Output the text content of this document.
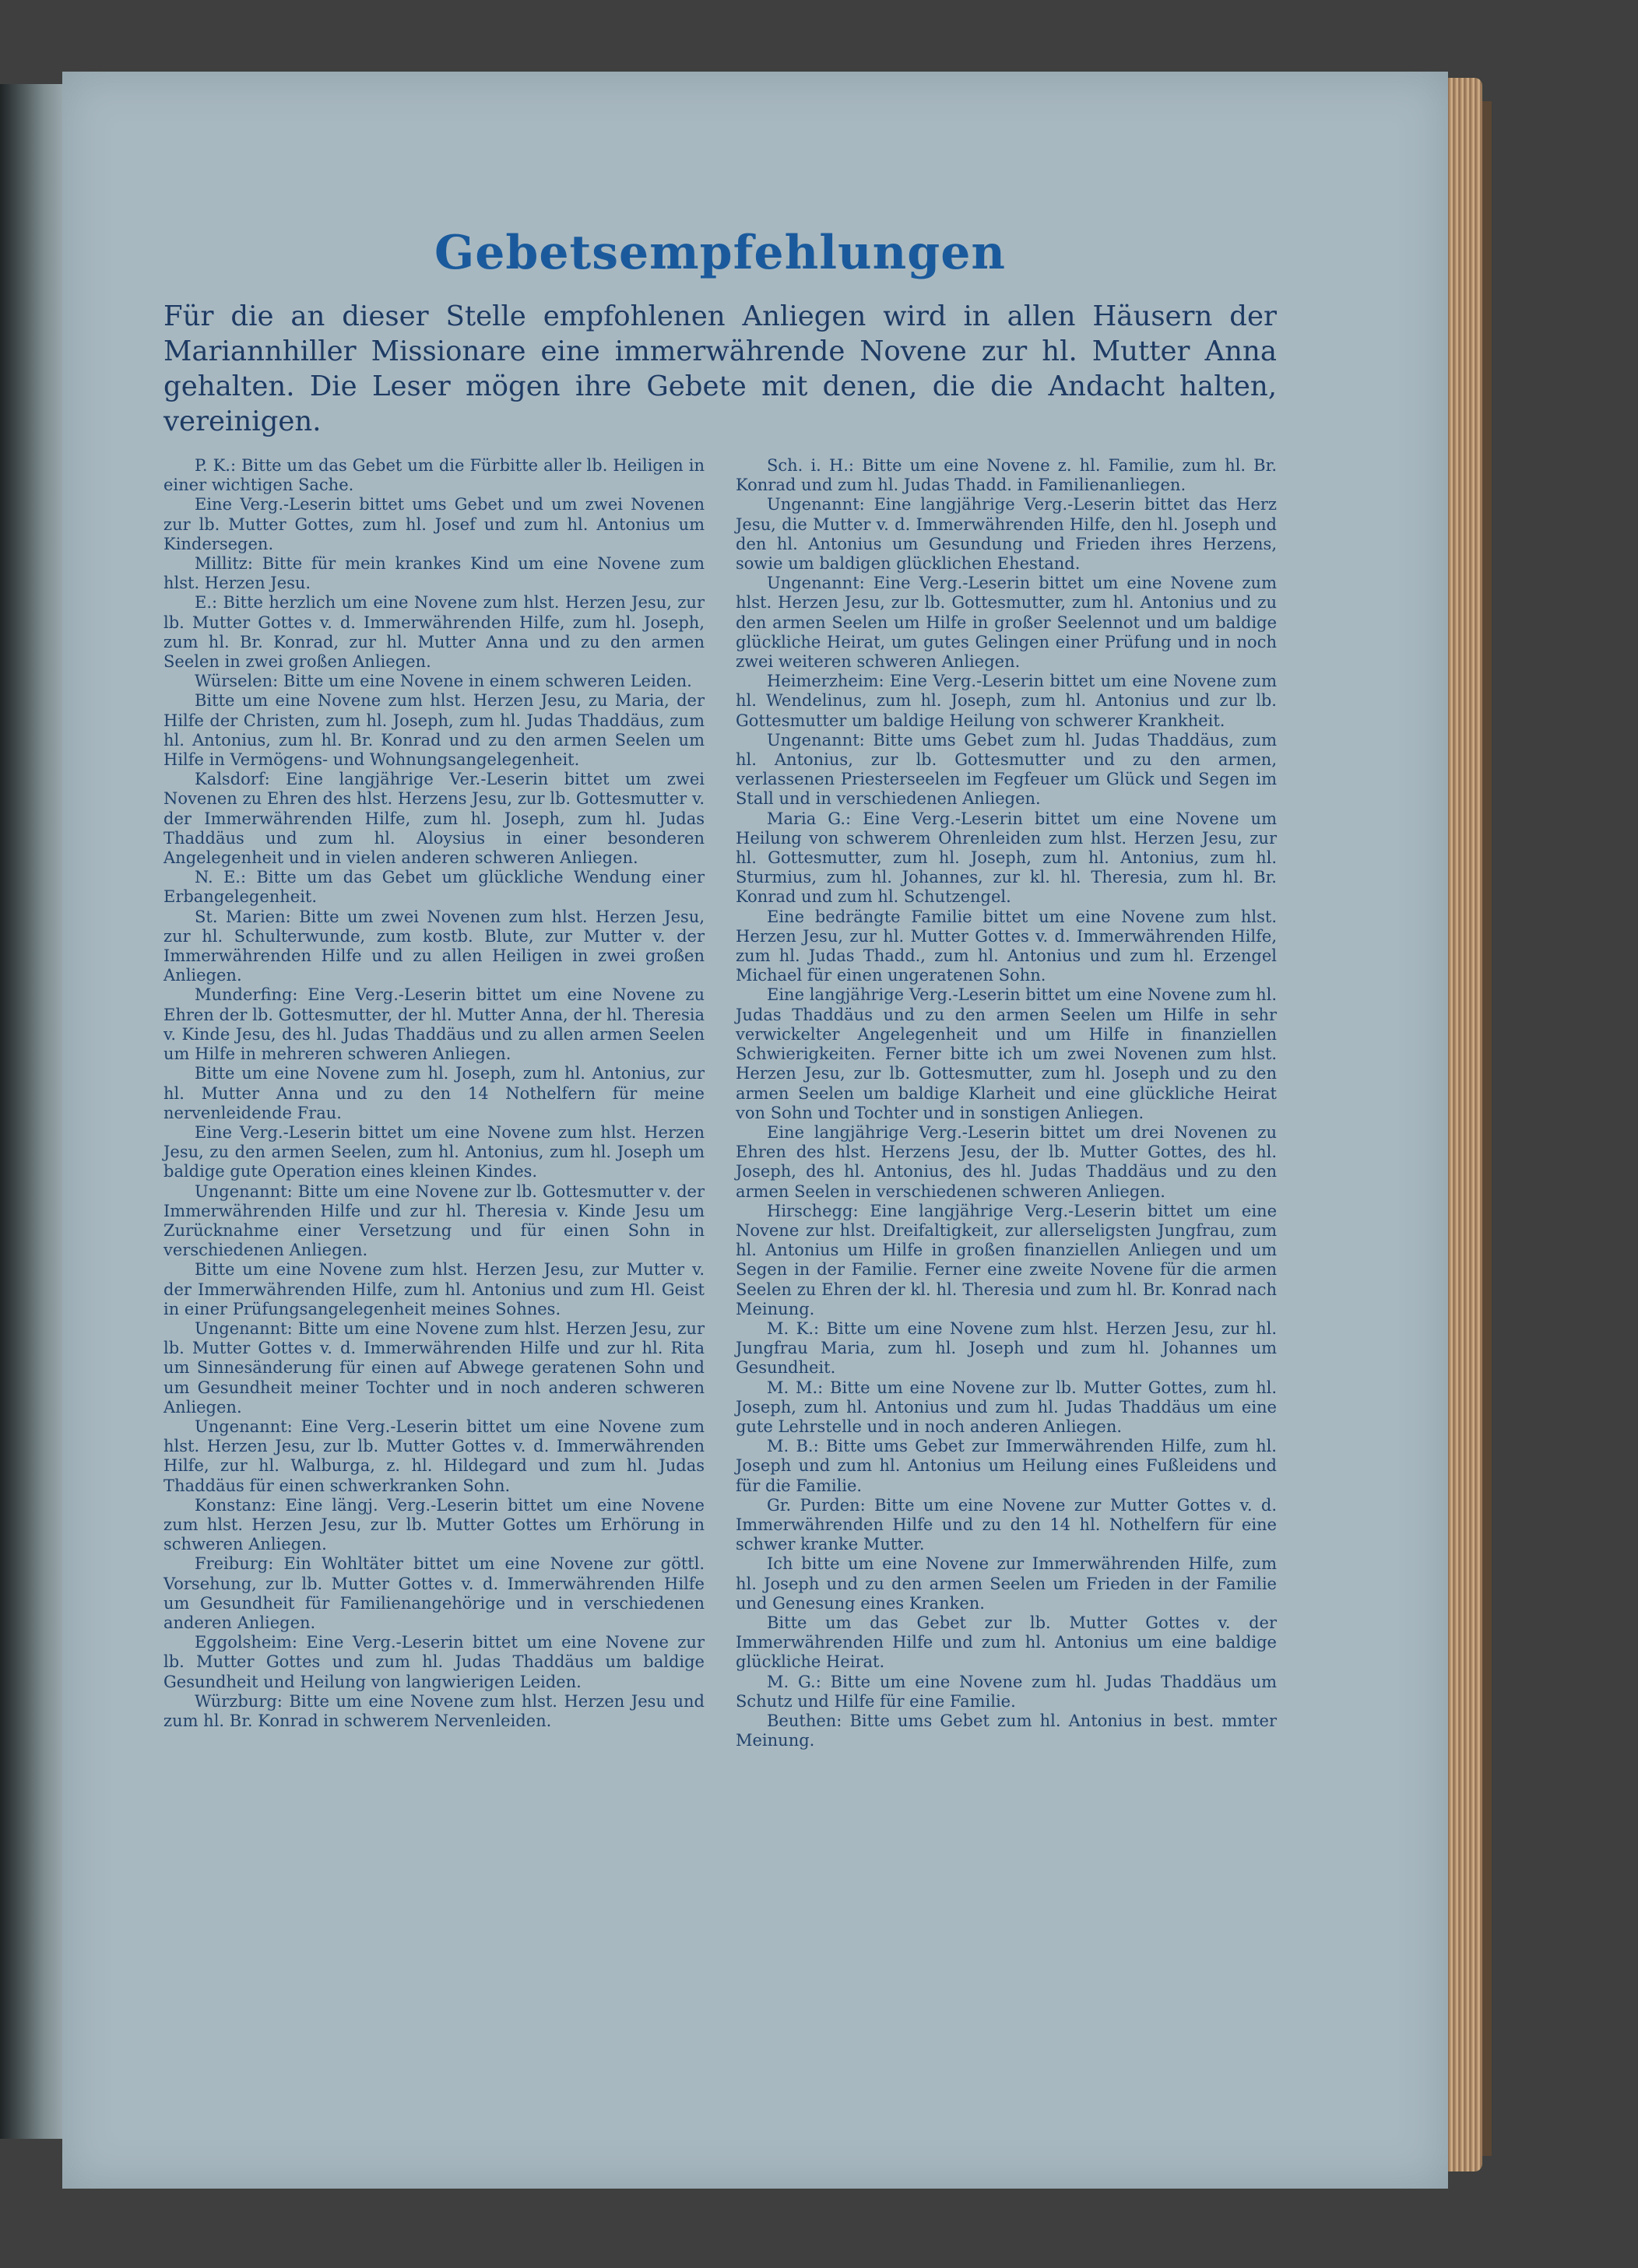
Gebetsempfehlungen

Für die an dieser Stelle empfohlenen Anliegen wird in allen Häusern der Mariannhiller Missionare eine immerwährende Novene zur hl. Mutter Anna gehalten. Die Leser mögen ihre Gebete mit denen, die die Andacht halten, vereinigen.

P. K.: Bitte um das Gebet um die Fürbitte aller lb. Heiligen in einer wichtigen Sache.

Eine Verg.-Leserin bittet ums Gebet und um zwei Novenen zur lb. Mutter Gottes, zum hl. Josef und zum hl. Antonius um Kindersegen.

Millitz: Bitte für mein krankes Kind um eine Novene zum hlst. Herzen Jesu.

E.: Bitte herzlich um eine Novene zum hlst. Herzen Jesu, zur lb. Mutter Gottes v. d. Immerwährenden Hilfe, zum hl. Joseph, zum hl. Br. Konrad, zur hl. Mutter Anna und zu den armen Seelen in zwei großen Anliegen.

Würselen: Bitte um eine Novene in einem schweren Leiden.

Bitte um eine Novene zum hlst. Herzen Jesu, zu Maria, der Hilfe der Christen, zum hl. Joseph, zum hl. Judas Thaddäus, zum hl. Antonius, zum hl. Br. Konrad und zu den armen Seelen um Hilfe in Vermögens- und Wohnungsangelegenheit.

Kalsdorf: Eine langjährige Ver.-Leserin bittet um zwei Novenen zu Ehren des hlst. Herzens Jesu, zur lb. Gottesmutter v. der Immerwährenden Hilfe, zum hl. Joseph, zum hl. Judas Thaddäus und zum hl. Aloysius in einer besonderen Angelegenheit und in vielen anderen schweren Anliegen.

N. E.: Bitte um das Gebet um glückliche Wendung einer Erbangelegenheit.

St. Marien: Bitte um zwei Novenen zum hlst. Herzen Jesu, zur hl. Schulterwunde, zum kostb. Blute, zur Mutter v. der Immerwährenden Hilfe und zu allen Heiligen in zwei großen Anliegen.

Munderfing: Eine Verg.-Leserin bittet um eine Novene zu Ehren der lb. Gottesmutter, der hl. Mutter Anna, der hl. Theresia v. Kinde Jesu, des hl. Judas Thaddäus und zu allen armen Seelen um Hilfe in mehreren schweren Anliegen.

Bitte um eine Novene zum hl. Joseph, zum hl. Antonius, zur hl. Mutter Anna und zu den 14 Nothelfern für meine nervenleidende Frau.

Eine Verg.-Leserin bittet um eine Novene zum hlst. Herzen Jesu, zu den armen Seelen, zum hl. Antonius, zum hl. Joseph um baldige gute Operation eines kleinen Kindes.

Ungenannt: Bitte um eine Novene zur lb. Gottesmutter v. der Immerwährenden Hilfe und zur hl. Theresia v. Kinde Jesu um Zurücknahme einer Versetzung und für einen Sohn in verschiedenen Anliegen.

Bitte um eine Novene zum hlst. Herzen Jesu, zur Mutter v. der Immerwährenden Hilfe, zum hl. Antonius und zum Hl. Geist in einer Prüfungsangelegenheit meines Sohnes.

Ungenannt: Bitte um eine Novene zum hlst. Herzen Jesu, zur lb. Mutter Gottes v. d. Immerwährenden Hilfe und zur hl. Rita um Sinnesänderung für einen auf Abwege geratenen Sohn und um Gesundheit meiner Tochter und in noch anderen schweren Anliegen.

Ungenannt: Eine Verg.-Leserin bittet um eine Novene zum hlst. Herzen Jesu, zur lb. Mutter Gottes v. d. Immerwährenden Hilfe, zur hl. Walburga, z. hl. Hildegard und zum hl. Judas Thaddäus für einen schwerkranken Sohn.

Konstanz: Eine längj. Verg.-Leserin bittet um eine Novene zum hlst. Herzen Jesu, zur lb. Mutter Gottes um Erhörung in schweren Anliegen.

Freiburg: Ein Wohltäter bittet um eine Novene zur göttl. Vorsehung, zur lb. Mutter Gottes v. d. Immerwährenden Hilfe um Gesundheit für Familienangehörige und in verschiedenen anderen Anliegen.

Eggolsheim: Eine Verg.-Leserin bittet um eine Novene zur lb. Mutter Gottes und zum hl. Judas Thaddäus um baldige Gesundheit und Heilung von langwierigen Leiden.

Würzburg: Bitte um eine Novene zum hlst. Herzen Jesu und zum hl. Br. Konrad in schwerem Nervenleiden.

Sch. i. H.: Bitte um eine Novene z. hl. Familie, zum hl. Br. Konrad und zum hl. Judas Thadd. in Familienanliegen.

Ungenannt: Eine langjährige Verg.-Leserin bittet das Herz Jesu, die Mutter v. d. Immerwährenden Hilfe, den hl. Joseph und den hl. Antonius um Gesundung und Frieden ihres Herzens, sowie um baldigen glücklichen Ehestand.

Ungenannt: Eine Verg.-Leserin bittet um eine Novene zum hlst. Herzen Jesu, zur lb. Gottesmutter, zum hl. Antonius und zu den armen Seelen um Hilfe in großer Seelennot und um baldige glückliche Heirat, um gutes Gelingen einer Prüfung und in noch zwei weiteren schweren Anliegen.

Heimerzheim: Eine Verg.-Leserin bittet um eine Novene zum hl. Wendelinus, zum hl. Joseph, zum hl. Antonius und zur lb. Gottesmutter um baldige Heilung von schwerer Krankheit.

Ungenannt: Bitte ums Gebet zum hl. Judas Thaddäus, zum hl. Antonius, zur lb. Gottesmutter und zu den armen, verlassenen Priesterseelen im Fegfeuer um Glück und Segen im Stall und in verschiedenen Anliegen.

Maria G.: Eine Verg.-Leserin bittet um eine Novene um Heilung von schwerem Ohrenleiden zum hlst. Herzen Jesu, zur hl. Gottesmutter, zum hl. Joseph, zum hl. Antonius, zum hl. Sturmius, zum hl. Johannes, zur kl. hl. Theresia, zum hl. Br. Konrad und zum hl. Schutzengel.

Eine bedrängte Familie bittet um eine Novene zum hlst. Herzen Jesu, zur hl. Mutter Gottes v. d. Immerwährenden Hilfe, zum hl. Judas Thadd., zum hl. Antonius und zum hl. Erzengel Michael für einen ungeratenen Sohn.

Eine langjährige Verg.-Leserin bittet um eine Novene zum hl. Judas Thaddäus und zu den armen Seelen um Hilfe in sehr verwickelter Angelegenheit und um Hilfe in finanziellen Schwierigkeiten. Ferner bitte ich um zwei Novenen zum hlst. Herzen Jesu, zur lb. Gottesmutter, zum hl. Joseph und zu den armen Seelen um baldige Klarheit und eine glückliche Heirat von Sohn und Tochter und in sonstigen Anliegen.

Eine langjährige Verg.-Leserin bittet um drei Novenen zu Ehren des hlst. Herzens Jesu, der lb. Mutter Gottes, des hl. Joseph, des hl. Antonius, des hl. Judas Thaddäus und zu den armen Seelen in verschiedenen schweren Anliegen.

Hirschegg: Eine langjährige Verg.-Leserin bittet um eine Novene zur hlst. Dreifaltigkeit, zur allerseligsten Jungfrau, zum hl. Antonius um Hilfe in großen finanziellen Anliegen und um Segen in der Familie. Ferner eine zweite Novene für die armen Seelen zu Ehren der kl. hl. Theresia und zum hl. Br. Konrad nach Meinung.

M. K.: Bitte um eine Novene zum hlst. Herzen Jesu, zur hl. Jungfrau Maria, zum hl. Joseph und zum hl. Johannes um Gesundheit.

M. M.: Bitte um eine Novene zur lb. Mutter Gottes, zum hl. Joseph, zum hl. Antonius und zum hl. Judas Thaddäus um eine gute Lehrstelle und in noch anderen Anliegen.

M. B.: Bitte ums Gebet zur Immerwährenden Hilfe, zum hl. Joseph und zum hl. Antonius um Heilung eines Fußleidens und für die Familie.

Gr. Purden: Bitte um eine Novene zur Mutter Gottes v. d. Immerwährenden Hilfe und zu den 14 hl. Nothelfern für eine schwer kranke Mutter.

Ich bitte um eine Novene zur Immerwährenden Hilfe, zum hl. Joseph und zu den armen Seelen um Frieden in der Familie und Genesung eines Kranken.

Bitte um das Gebet zur lb. Mutter Gottes v. der Immerwährenden Hilfe und zum hl. Antonius um eine baldige glückliche Heirat.

M. G.: Bitte um eine Novene zum hl. Judas Thaddäus um Schutz und Hilfe für eine Familie.

Beuthen: Bitte ums Gebet zum hl. Antonius in best. mmter Meinung.
